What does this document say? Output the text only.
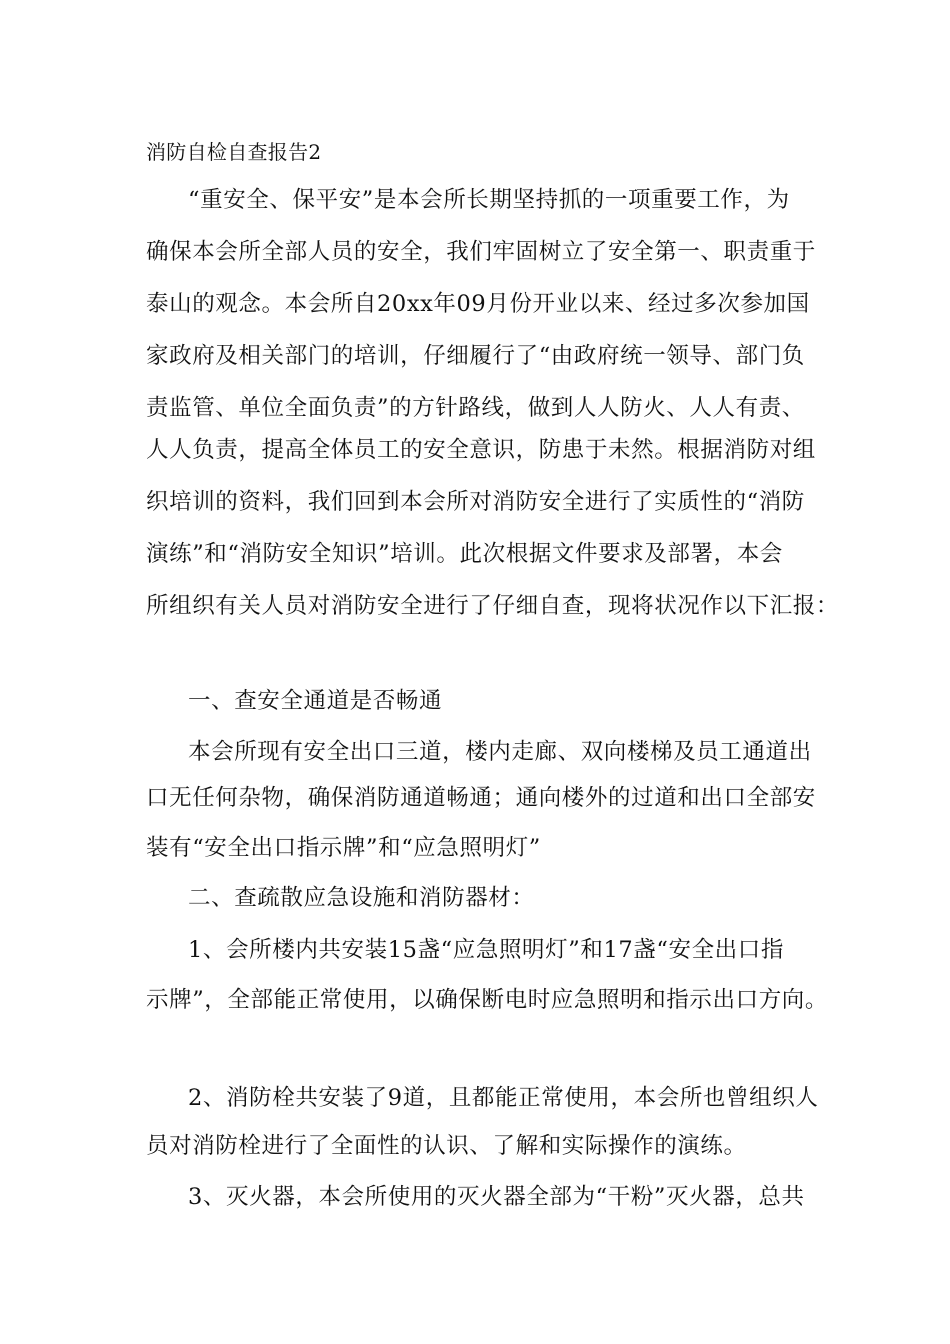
消防自检自查报告2

“重安全、保平安”是本会所长期坚持抓的一项重要工作，为

确保本会所全部人员的安全，我们牢固树立了安全第一、职责重于

泰山的观念。本会所自20xx年09月份开业以来、经过多次参加国

家政府及相关部门的培训，仔细履行了“由政府统一领导、部门负

责监管、单位全面负责”的方针路线，做到人人防火、人人有责、

人人负责，提高全体员工的安全意识，防患于未然。根据消防对组

织培训的资料，我们回到本会所对消防安全进行了实质性的“消防

演练”和“消防安全知识”培训。此次根据文件要求及部署，本会

所组织有关人员对消防安全进行了仔细自查，现将状况作以下汇报：

一、查安全通道是否畅通

本会所现有安全出口三道，楼内走廊、双向楼梯及员工通道出

口无任何杂物，确保消防通道畅通；通向楼外的过道和出口全部安

装有“安全出口指示牌”和“应急照明灯”

二、查疏散应急设施和消防器材：

1、会所楼内共安装15盏“应急照明灯”和17盏“安全出口指

示牌”，全部能正常使用，以确保断电时应急照明和指示出口方向。

2、消防栓共安装了9道，且都能正常使用，本会所也曾组织人

员对消防栓进行了全面性的认识、了解和实际操作的演练。

3、灭火器，本会所使用的灭火器全部为“干粉”灭火器，总共
